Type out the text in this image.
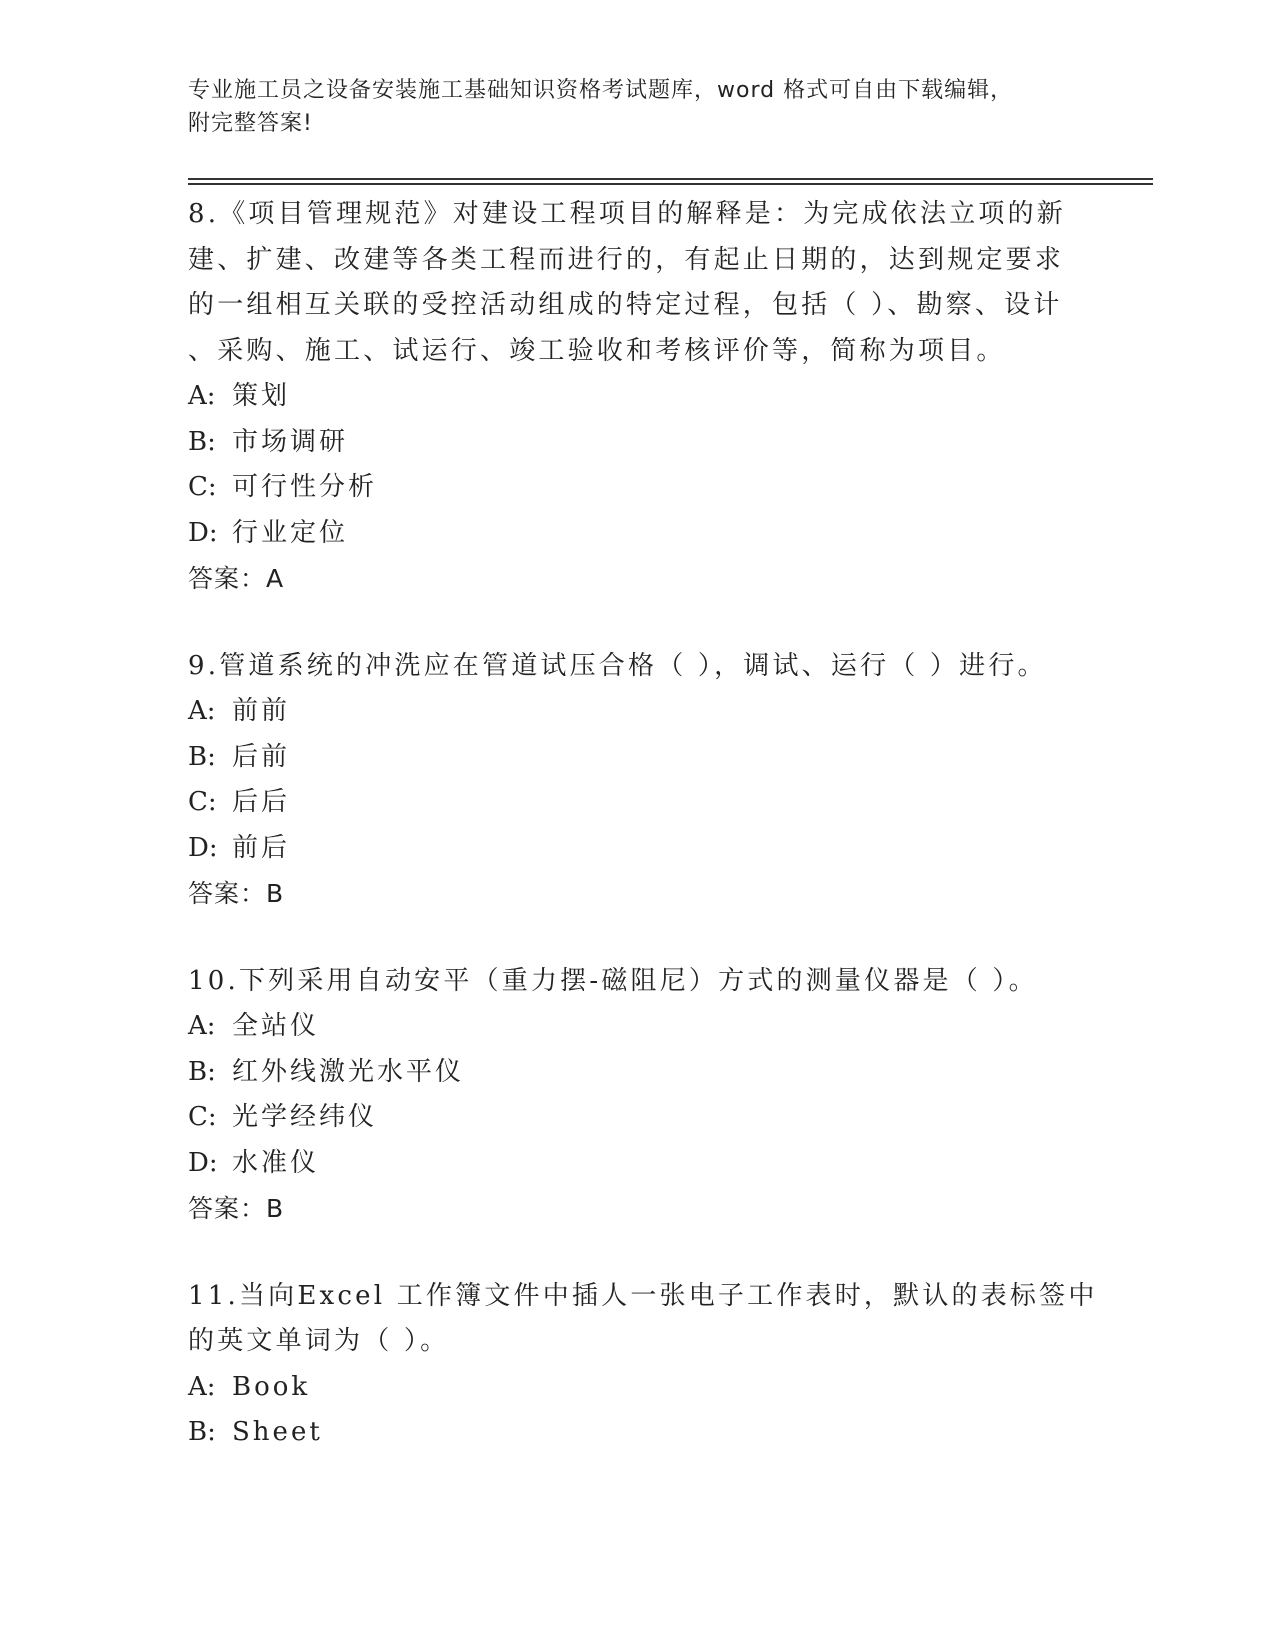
专业施工员之设备安装施工基础知识资格考试题库，word 格式可自由下载编辑，
附完整答案!
8.《项目管理规范》对建设工程项目的解释是：为完成依法立项的新
建、扩建、改建等各类工程而进行的，有起止日期的，达到规定要求
的一组相互关联的受控活动组成的特定过程，包括（ ）、勘察、设计
、采购、施工、试运行、竣工验收和考核评价等，简称为项目。
A: 策划
B: 市场调研
C: 可行性分析
D: 行业定位
答案：A
9.管道系统的冲洗应在管道试压合格（ ），调试、运行（ ）进行。
A: 前前
B: 后前
C: 后后
D: 前后
答案：B
10.下列采用自动安平（重力摆-磁阻尼）方式的测量仪器是（ ）。
A: 全站仪
B: 红外线激光水平仪
C: 光学经纬仪
D: 水准仪
答案：B
11.当向Excel 工作簿文件中插人一张电子工作表时，默认的表标签中
的英文单词为（ ）。
A: Book
B: Sheet
